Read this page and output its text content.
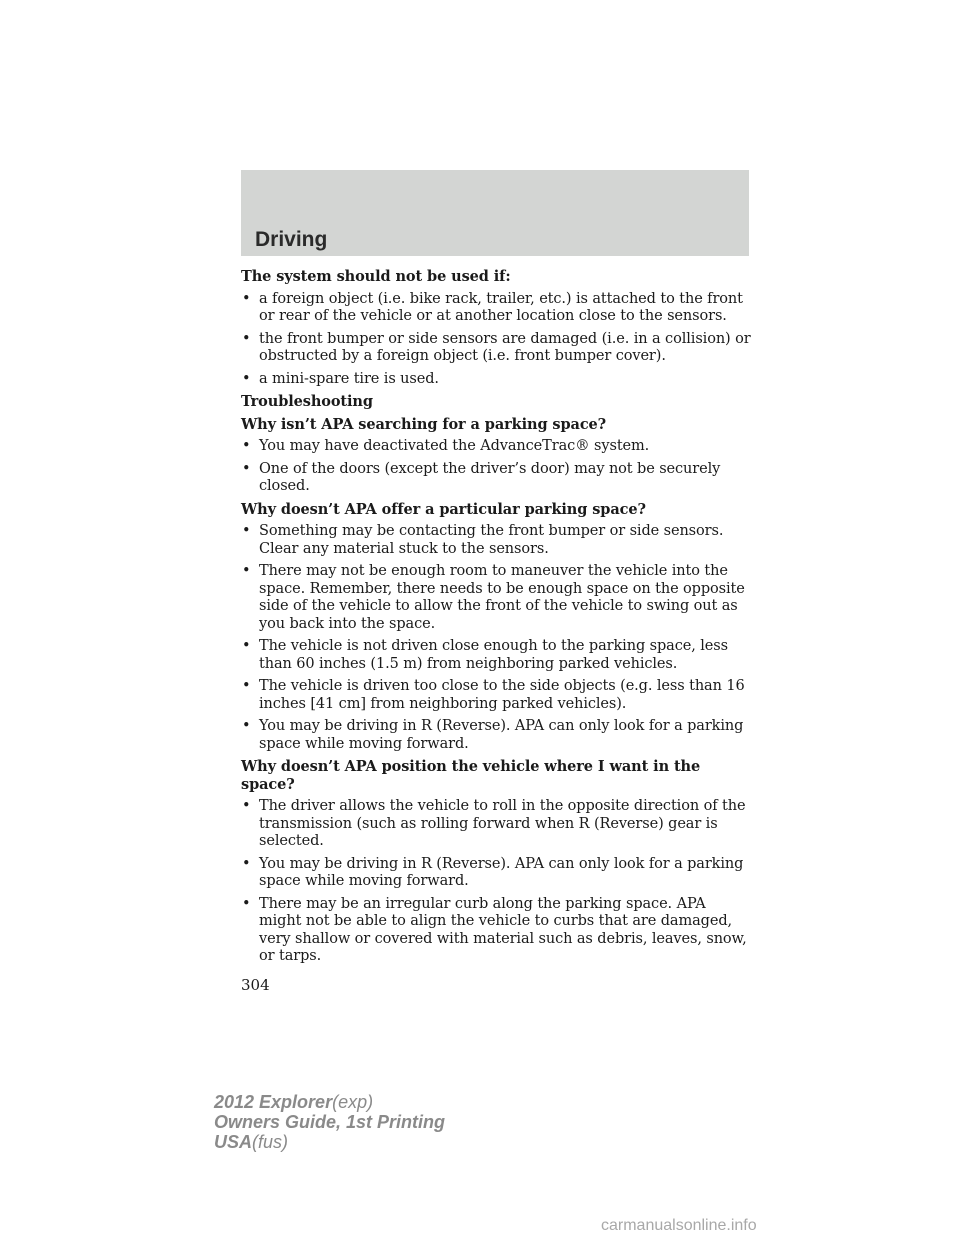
Driving
The system should not be used if:
• a foreign object (i.e. bike rack, trailer, etc.) is attached to the front or rear of the vehicle or at another location close to the sensors.
• the front bumper or side sensors are damaged (i.e. in a collision) or obstructed by a foreign object (i.e. front bumper cover).
• a mini-spare tire is used.
Troubleshooting
Why isn’t APA searching for a parking space?
• You may have deactivated the AdvanceTrac® system.
• One of the doors (except the driver’s door) may not be securely closed.
Why doesn’t APA offer a particular parking space?
• Something may be contacting the front bumper or side sensors. Clear any material stuck to the sensors.
• There may not be enough room to maneuver the vehicle into the space. Remember, there needs to be enough space on the opposite side of the vehicle to allow the front of the vehicle to swing out as you back into the space.
• The vehicle is not driven close enough to the parking space, less than 60 inches (1.5 m) from neighboring parked vehicles.
• The vehicle is driven too close to the side objects (e.g. less than 16 inches [41 cm] from neighboring parked vehicles).
• You may be driving in R (Reverse). APA can only look for a parking space while moving forward.
Why doesn’t APA position the vehicle where I want in the space?
• The driver allows the vehicle to roll in the opposite direction of the transmission (such as rolling forward when R (Reverse) gear is selected.
• You may be driving in R (Reverse). APA can only look for a parking space while moving forward.
• There may be an irregular curb along the parking space. APA might not be able to align the vehicle to curbs that are damaged, very shallow or covered with material such as debris, leaves, snow, or tarps.
304
2012 Explorer(exp)
Owners Guide, 1st Printing
USA(fus)
carmanualsonline.info
